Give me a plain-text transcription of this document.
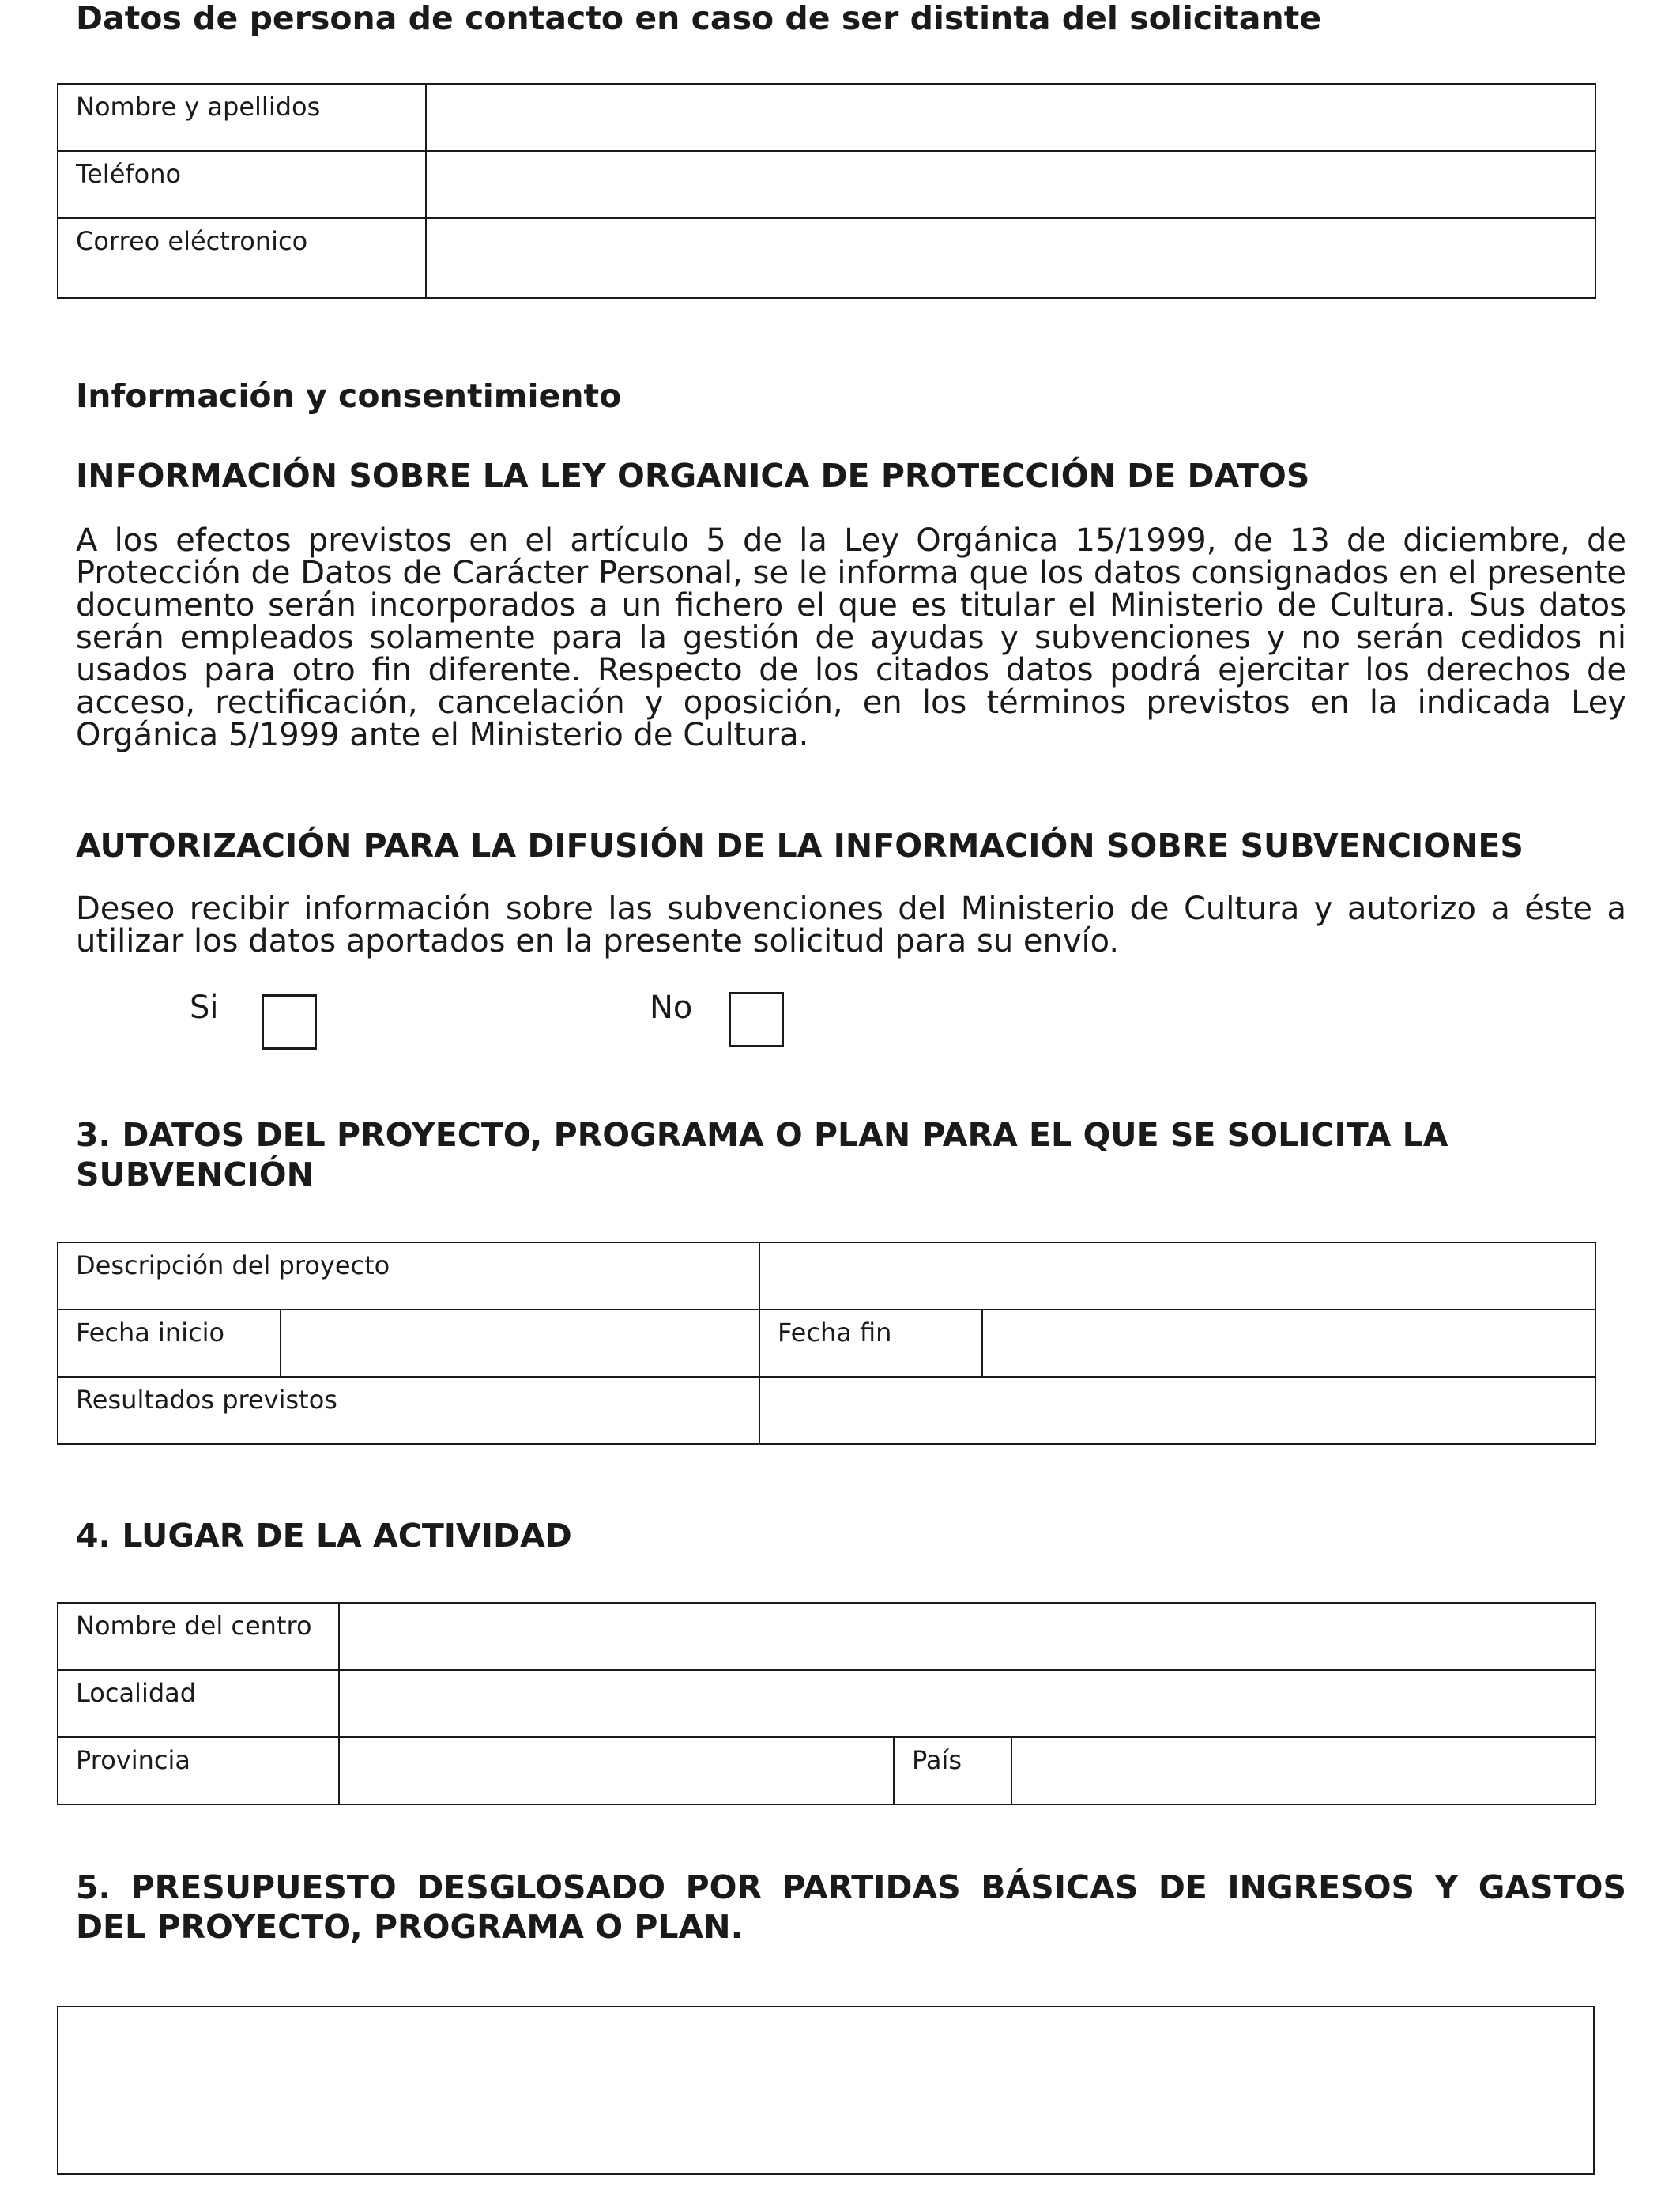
Datos de persona de contacto en caso de ser distinta del solicitante
Nombre y apellidos	
Teléfono	
Correo eléctronico	
Información y consentimiento
INFORMACIÓN SOBRE LA LEY ORGANICA DE PROTECCIÓN DE DATOS
A los efectos previstos en el artículo 5 de la Ley Orgánica 15/1999, de 13 de diciembre, de Protección de Datos de Carácter Personal, se le informa que los datos consignados en el presente documento serán incorporados a un fichero el que es titular el Ministerio de Cultura. Sus datos serán empleados solamente para la gestión de ayudas y subvenciones y no serán cedidos ni usados para otro fin diferente. Respecto de los citados datos podrá ejercitar los derechos de acceso, rectificación, cancelación y oposición, en los términos previstos en la indicada Ley Orgánica 5/1999 ante el Ministerio de Cultura.
AUTORIZACIÓN PARA LA DIFUSIÓN DE LA INFORMACIÓN SOBRE SUBVENCIONES
Deseo recibir información sobre las subvenciones del Ministerio de Cultura y autorizo a éste a utilizar los datos aportados en la presente solicitud para su envío.
Si	No
3. DATOS DEL PROYECTO, PROGRAMA O PLAN PARA EL QUE SE SOLICITA LA SUBVENCIÓN
Descripción del proyecto			
Fecha inicio		Fecha fin	
Resultados previstos			
4. LUGAR DE LA ACTIVIDAD
Nombre del centro			
Localidad			
Provincia		País	
5. PRESUPUESTO DESGLOSADO POR PARTIDAS BÁSICAS DE INGRESOS Y GASTOS DEL PROYECTO, PROGRAMA O PLAN.
